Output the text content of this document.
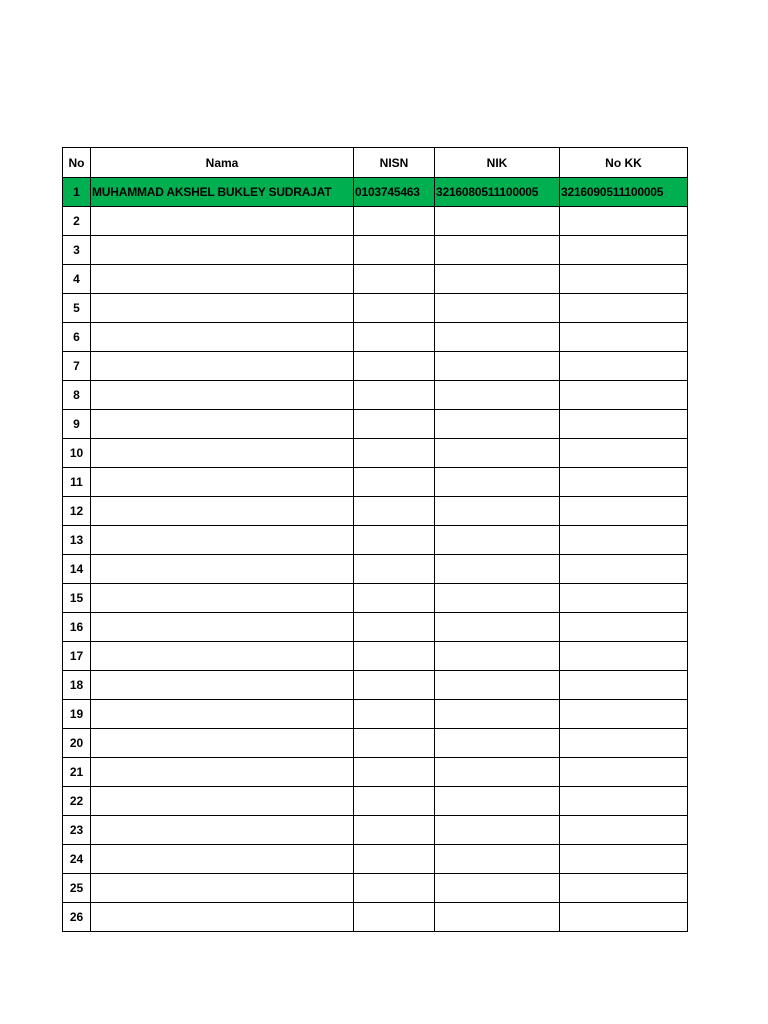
No	Nama	NISN	NIK	No KK
1	MUHAMMAD AKSHEL BUKLEY SUDRAJAT	0103745463	3216080511100005	3216090511100005
2				
3				
4				
5				
6				
7				
8				
9				
10				
11				
12				
13				
14				
15				
16				
17				
18				
19				
20				
21				
22				
23				
24				
25				
26				
